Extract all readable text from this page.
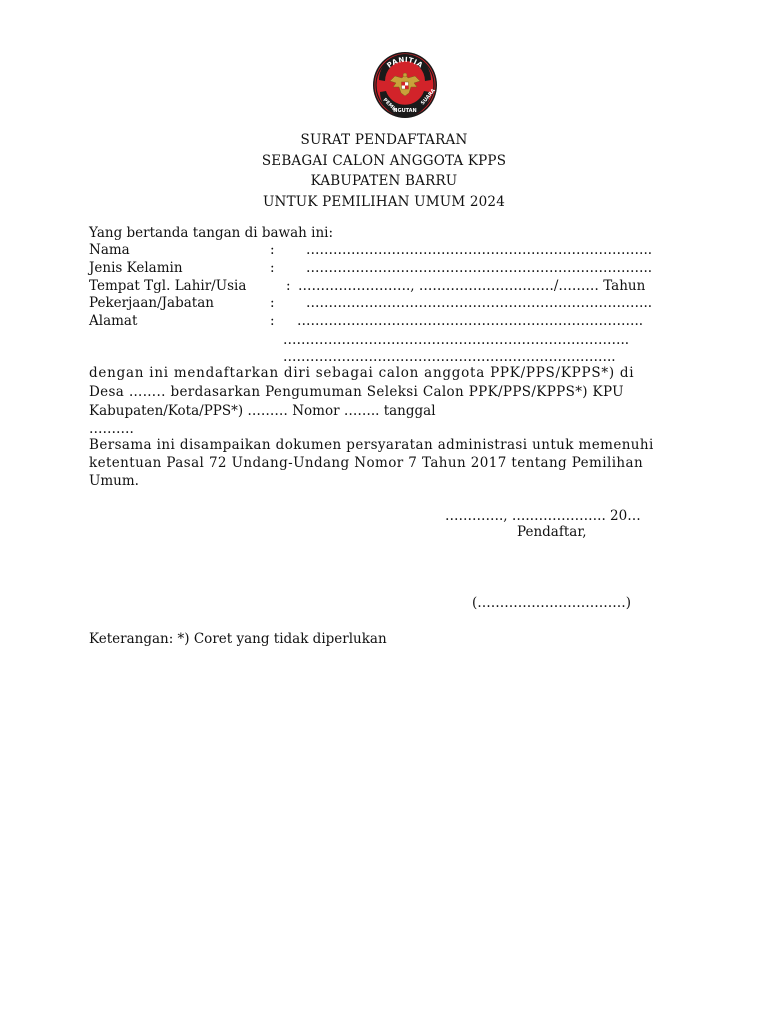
PANITIA
PEMU
NGUTAN
SUARA
SURAT PENDAFTARAN
SEBAGAI CALON ANGGOTA KPPS
KABUPATEN BARRU
UNTUK PEMILIHAN UMUM 2024
Yang bertanda tangan di bawah ini:
Nama	: …………………………………………………………………..
Jenis Kelamin	: …………………………………………………………………..
Tempat Tgl. Lahir/Usia	: ……………………., …………………………/……… Tahun
Pekerjaan/Jabatan	: …………………………………………………………………..
Alamat	: …………………………………………………………………..
…………………………………………………………………..
………………………………………………………………..
dengan ini mendaftarkan diri sebagai calon anggota PPK/PPS/KPPS*) di
Desa …….. berdasarkan Pengumuman Seleksi Calon PPK/PPS/KPPS*) KPU
Kabupaten/Kota/PPS*) ……… Nomor …….. tanggal
……….
Bersama ini disampaikan dokumen persyaratan administrasi untuk memenuhi
ketentuan Pasal 72 Undang-Undang Nomor 7 Tahun 2017 tentang Pemilihan
Umum.
…………., ….…………….. 20…
Pendaftar,
(……………………………)
Keterangan: *) Coret yang tidak diperlukan
